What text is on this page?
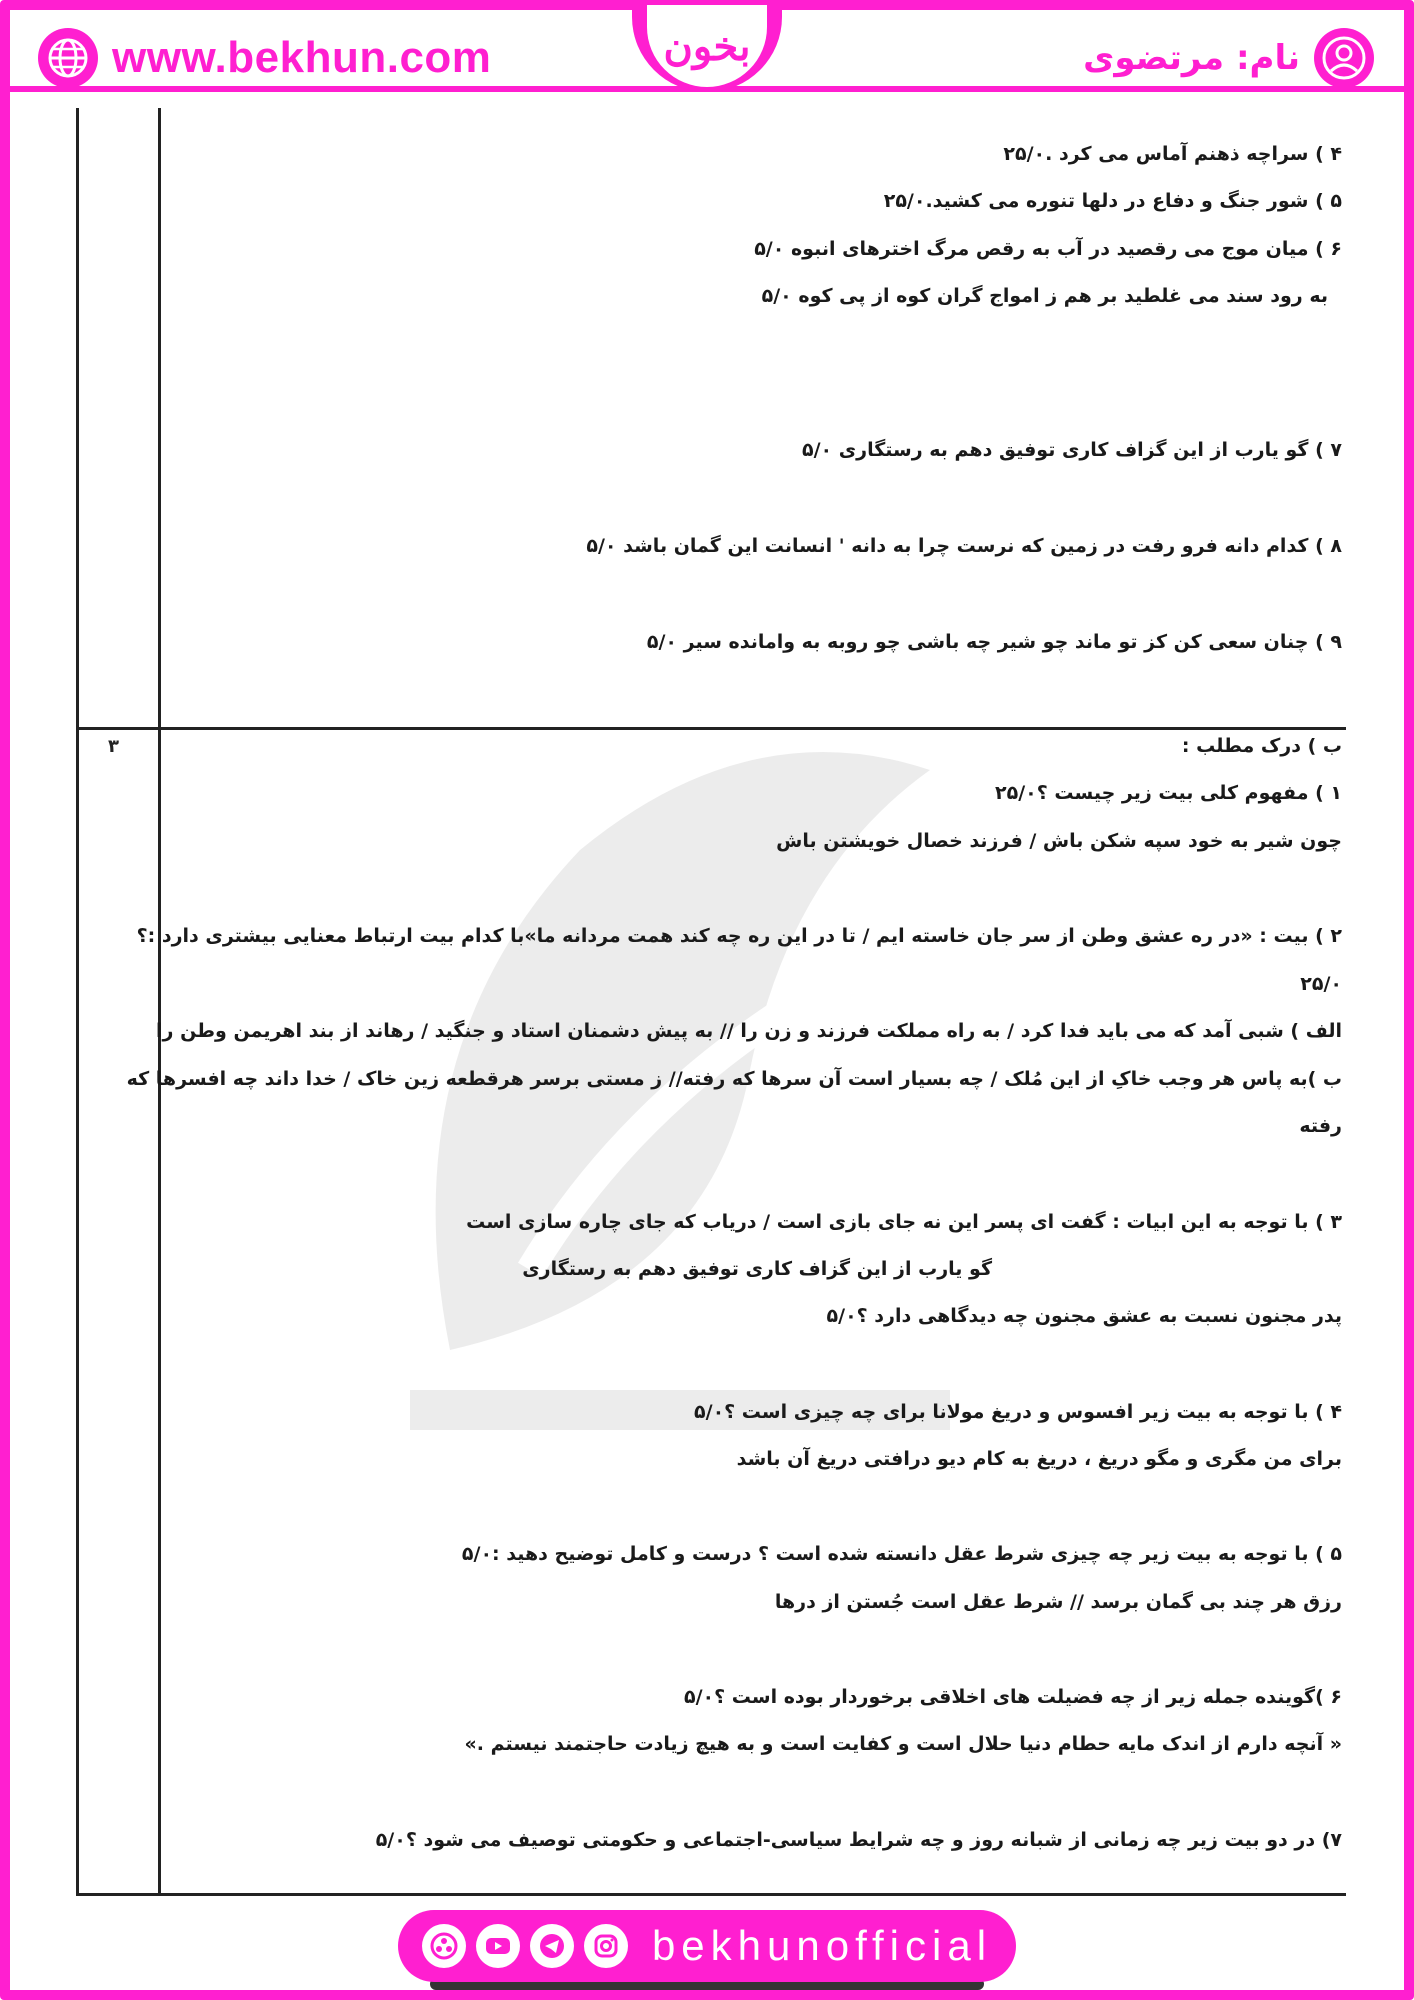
www.bekhun.com	نام: مرتضوی
بخون
۴ ) سراچه ذهنم آماس می کرد .۲۵/۰
۵ ) شور جنگ و دفاع در دلها تنوره می کشید.۲۵/۰
۶ ) میان موج می رقصید در آب به رقص مرگ اخترهای انبوه ۵/۰
به رود سند می غلطید بر هم ز امواج گران کوه از پی کوه ۵/۰
۷ ) گو یارب از این گزاف کاری توفیق دهم به رستگاری ۵/۰
۸ ) کدام دانه فرو رفت در زمین که نرست چرا به دانه ' انسانت این گمان باشد ۵/۰
۹ ) چنان سعی کن کز تو ماند چو شیر چه باشی چو روبه به وامانده سیر ۵/۰
۳	ب ) درک مطلب :
۱ ) مفهوم کلی بیت زیر چیست ؟۲۵/۰
چون شیر به خود سپه شکن باش / فرزند خصال خویشتن باش
۲ ) بیت : «در ره عشق وطن از سر جان خاسته ایم / تا در این ره چه کند همت مردانه ما»با کدام بیت ارتباط معنایی بیشتری دارد :؟
۲۵/۰
الف ) شبی آمد که می باید فدا کرد / به راه مملکت فرزند و زن را // به پیش دشمنان استاد و جنگید / رهاند از بند اهریمن وطن را
ب )به پاس هر وجب خاکِ از این مُلک / چه بسیار است آن سرها که رفته// ز مستی برسر هرقطعه زین خاک / خدا داند چه افسرها که
رفته
۳ ) با توجه به این ابیات : گفت ای پسر این نه جای بازی است / دریاب که جای چاره سازی است
گو یارب از این گزاف کاری توفیق دهم به رستگاری
پدر مجنون نسبت به عشق مجنون چه دیدگاهی دارد ؟۵/۰
۴ ) با توجه به بیت زیر افسوس و دریغ مولانا برای چه چیزی است ؟۵/۰
برای من مگری و مگو دریغ ، دریغ به کام دیو درافتی دریغ آن باشد
۵ ) با توجه به بیت زیر چه چیزی شرط عقل دانسته شده است ؟ درست و کامل توضیح دهید :۵/۰
رزق هر چند بی گمان برسد // شرط عقل است جُستن از درها
۶ )گوینده جمله زیر از چه فضیلت های اخلاقی برخوردار بوده است ؟۵/۰
« آنچه دارم از اندک مایه حطام دنیا حلال است و کفایت است و به هیچ زیادت حاجتمند نیستم .»
۷) در دو بیت زیر چه زمانی از شبانه روز و چه شرایط سیاسی-اجتماعی و حکومتی توصیف می شود ؟۵/۰
bekhunofficial
